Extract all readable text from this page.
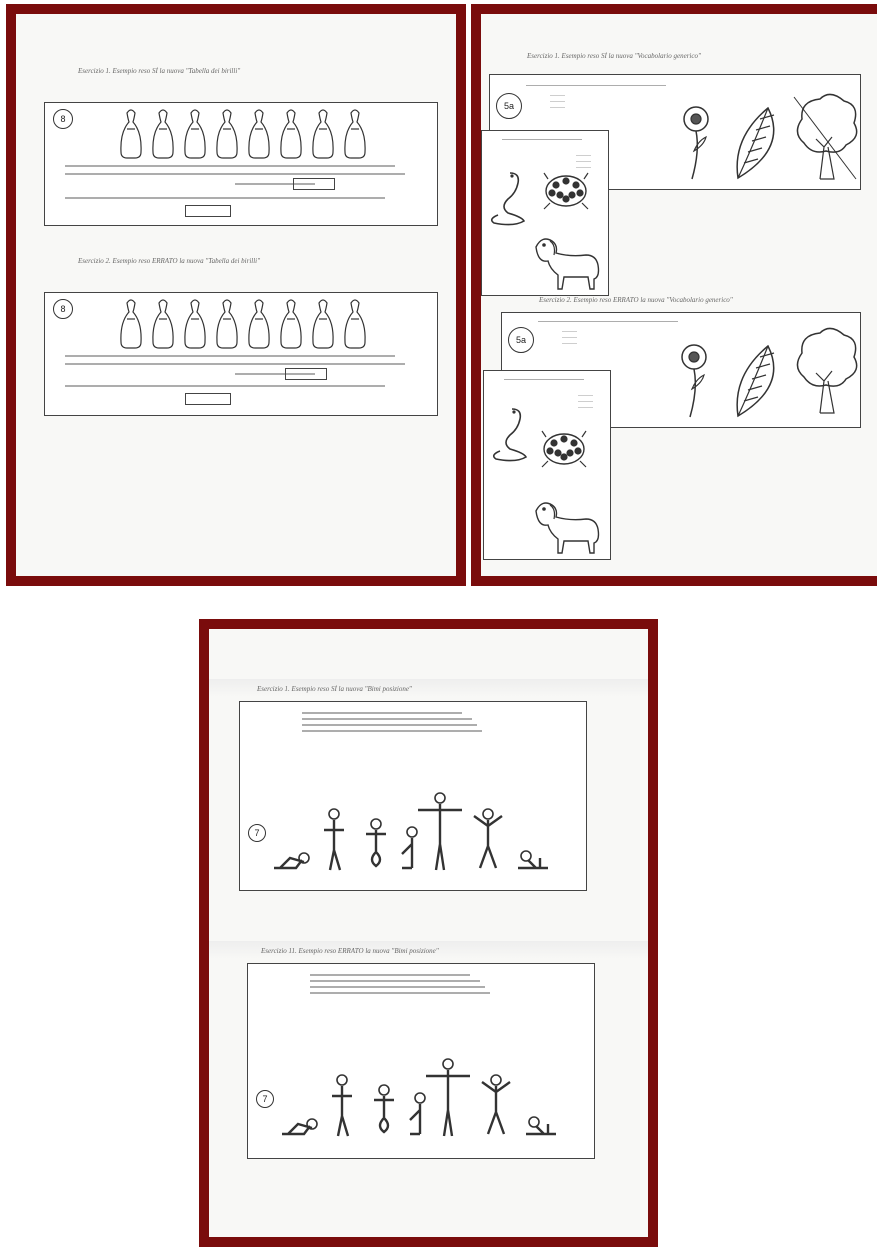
Esercizio 1. Esempio reso SÌ la nuova "Tabella dei birilli"
8
Esercizio 2. Esempio reso ERRATO la nuova "Tabella dei birilli"
8
Esercizio 1. Esempio reso SÌ la nuova "Vocabolario generico"
5a
———
———
———
———
———
———
Esercizio 2. Esempio reso ERRATO la nuova "Vocabolario generico"
5a
———
———
———
———
———
———
Esercizio 1. Esempio reso SÌ la nuova "Bimi posizione"
7
Esercizio 11. Esempio reso ERRATO la nuova "Bimi posizione"
7
